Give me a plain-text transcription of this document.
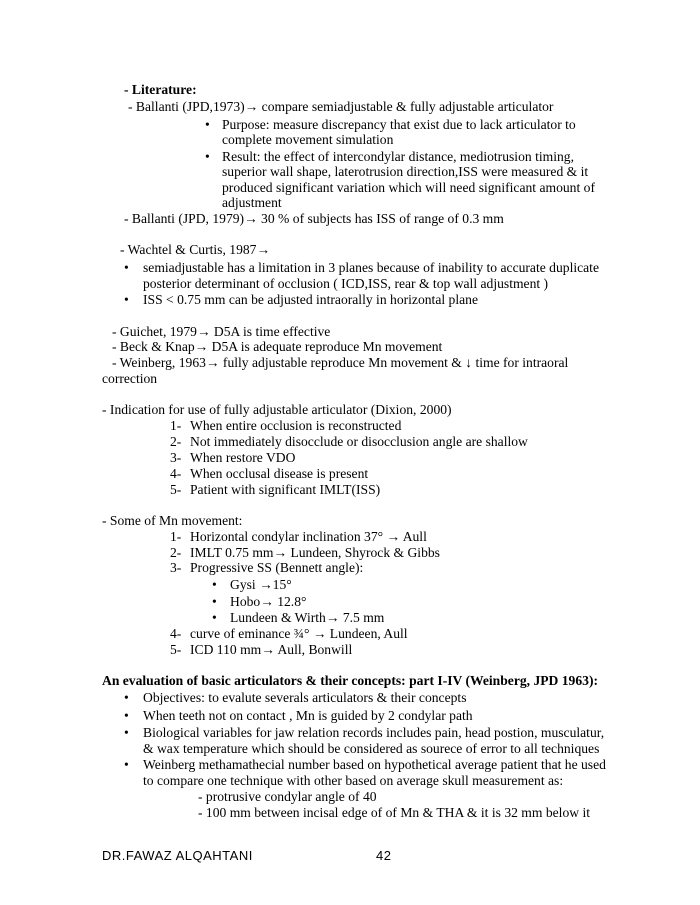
- Literature:
- Ballanti (JPD,1973)→ compare semiadjustable & fully adjustable articulator
• Purpose: measure discrepancy that exist due to lack articulator to
complete movement simulation
• Result: the effect of intercondylar distance, mediotrusion timing,
superior wall shape, laterotrusion direction,ISS were measured & it
produced significant variation which will need significant amount of
adjustment
- Ballanti (JPD, 1979)→ 30 % of subjects has ISS of range of 0.3 mm
- Wachtel & Curtis, 1987→
• semiadjustable has a limitation in 3 planes because of inability to accurate duplicate
posterior determinant of occlusion ( ICD,ISS, rear & top wall adjustment )
• ISS < 0.75 mm can be adjusted intraorally in horizontal plane
- Guichet, 1979→ D5A is time effective
- Beck & Knap→ D5A is adequate reproduce Mn movement
- Weinberg, 1963→ fully adjustable reproduce Mn movement & ↓ time for intraoral
correction
- Indication for use of fully adjustable articulator (Dixion, 2000)
1- When entire occlusion is reconstructed
2- Not immediately disocclude or disocclusion angle are shallow
3- When restore VDO
4- When occlusal disease is present
5- Patient with significant IMLT(ISS)
- Some of Mn movement:
1- Horizontal condylar inclination 37° → Aull
2- IMLT 0.75 mm→ Lundeen, Shyrock & Gibbs
3- Progressive SS (Bennett angle):
• Gysi →15°
• Hobo→ 12.8°
• Lundeen & Wirth→ 7.5 mm
4- curve of eminance ¾° → Lundeen, Aull
5- ICD 110 mm→ Aull, Bonwill
An evaluation of basic articulators & their concepts: part I-IV (Weinberg, JPD 1963):
• Objectives: to evalute severals articulators & their concepts
• When teeth not on contact , Mn is guided by 2 condylar path
• Biological variables for jaw relation records includes pain, head postion, musculatur,
& wax temperature which should be considered as sourece of error to all techniques
• Weinberg methamathecial number based on hypothetical average patient that he used
to compare one technique with other based on average skull measurement as:
- protrusive condylar angle of 40
- 100 mm between incisal edge of of Mn & THA & it is 32 mm below it
DR.FAWAZ ALQAHTANI	42
